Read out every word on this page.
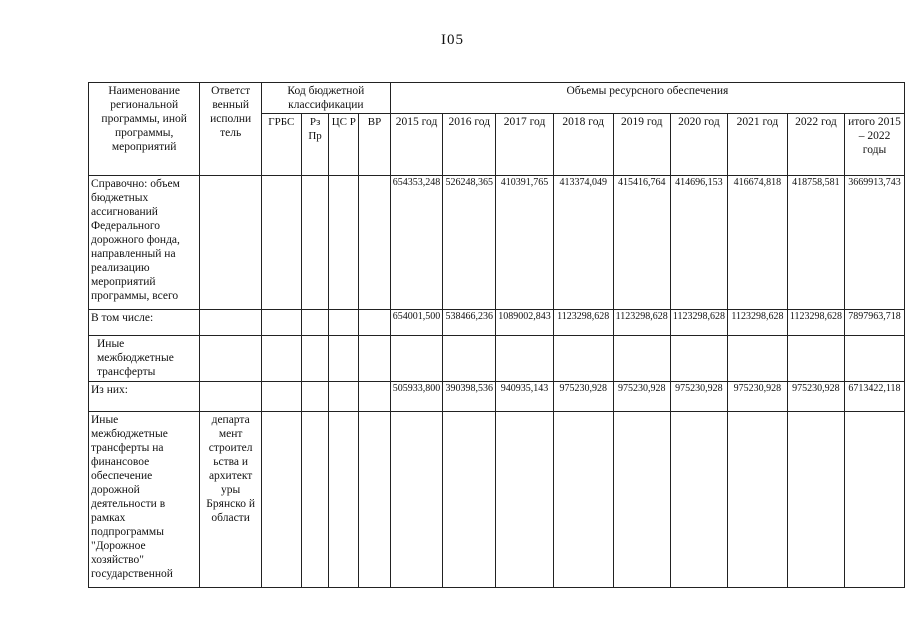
I05
Наименование региональной программы, иной программы, мероприятий	Ответст венный исполни тель	Код бюджетной классификации				Объемы ресурсного обеспечения								
		ГРБС	Рз Пр	ЦС Р	ВР	2015 год	2016 год	2017 год	2018 год	2019 год	2020 год	2021 год	2022 год	итого 2015 – 2022 годы
Справочно: объем бюджетных ассигнований Федерального дорожного фонда, направленный на реализацию мероприятий программы, всего						654353,248	526248,365	410391,765	413374,049	415416,764	414696,153	416674,818	418758,581	3669913,743
В том числе:						654001,500	538466,236	1089002,843	1123298,628	1123298,628	1123298,628	1123298,628	1123298,628	7897963,718
Иные межбюджетные трансферты														
Из них:						505933,800	390398,536	940935,143	975230,928	975230,928	975230,928	975230,928	975230,928	6713422,118
Иные межбюджетные трансферты на финансовое обеспечение дорожной деятельности в рамках подпрограммы "Дорожное хозяйство" государственной	департа мент строител ьства и архитект уры Брянско й области													
